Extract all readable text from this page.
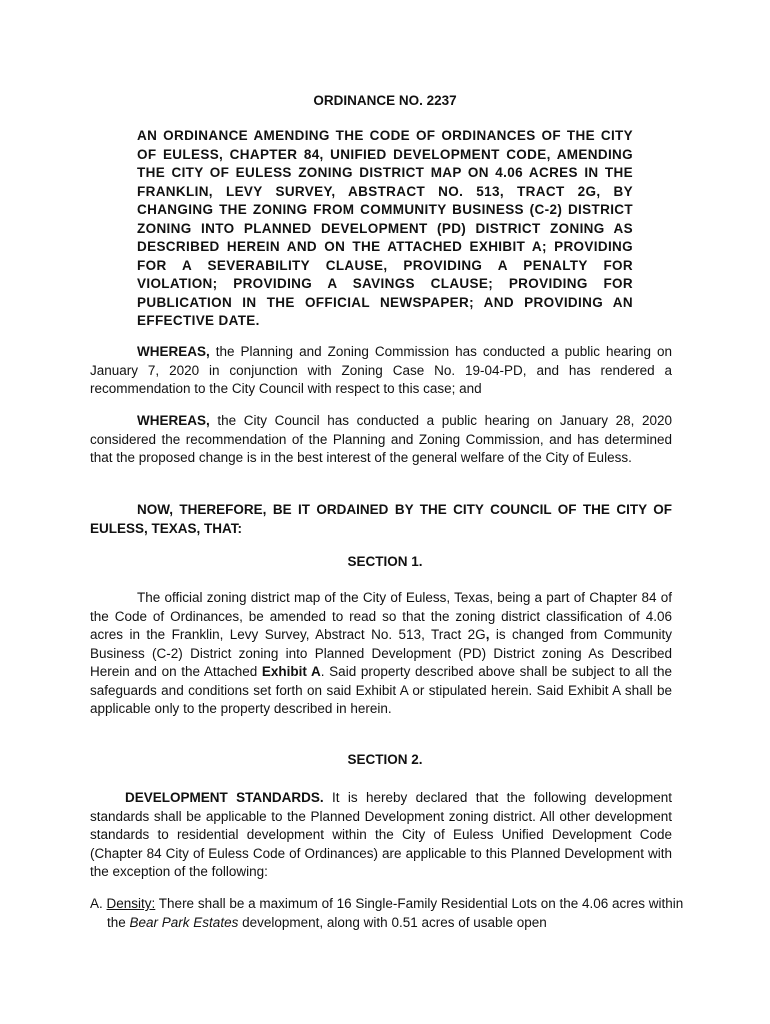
ORDINANCE NO. 2237
AN ORDINANCE AMENDING THE CODE OF ORDINANCES OF THE CITY OF EULESS, CHAPTER 84, UNIFIED DEVELOPMENT CODE, AMENDING THE CITY OF EULESS ZONING DISTRICT MAP ON 4.06 ACRES IN THE FRANKLIN, LEVY SURVEY, ABSTRACT NO. 513, TRACT 2G, BY CHANGING THE ZONING FROM COMMUNITY BUSINESS (C-2) DISTRICT ZONING INTO PLANNED DEVELOPMENT (PD) DISTRICT ZONING AS DESCRIBED HEREIN AND ON THE ATTACHED EXHIBIT A; PROVIDING FOR A SEVERABILITY CLAUSE, PROVIDING A PENALTY FOR VIOLATION; PROVIDING A SAVINGS CLAUSE; PROVIDING FOR PUBLICATION IN THE OFFICIAL NEWSPAPER; AND PROVIDING AN EFFECTIVE DATE.
WHEREAS, the Planning and Zoning Commission has conducted a public hearing on January 7, 2020 in conjunction with Zoning Case No. 19-04-PD, and has rendered a recommendation to the City Council with respect to this case; and
WHEREAS, the City Council has conducted a public hearing on January 28, 2020 considered the recommendation of the Planning and Zoning Commission, and has determined that the proposed change is in the best interest of the general welfare of the City of Euless.
NOW, THEREFORE, BE IT ORDAINED BY THE CITY COUNCIL OF THE CITY OF EULESS, TEXAS, THAT:
SECTION 1.
The official zoning district map of the City of Euless, Texas, being a part of Chapter 84 of the Code of Ordinances, be amended to read so that the zoning district classification of 4.06 acres in the Franklin, Levy Survey, Abstract No. 513, Tract 2G, is changed from Community Business (C-2) District zoning into Planned Development (PD) District zoning As Described Herein and on the Attached Exhibit A. Said property described above shall be subject to all the safeguards and conditions set forth on said Exhibit A or stipulated herein. Said Exhibit A shall be applicable only to the property described in herein.
SECTION 2.
DEVELOPMENT STANDARDS. It is hereby declared that the following development standards shall be applicable to the Planned Development zoning district. All other development standards to residential development within the City of Euless Unified Development Code (Chapter 84 City of Euless Code of Ordinances) are applicable to this Planned Development with the exception of the following:
A. Density: There shall be a maximum of 16 Single-Family Residential Lots on the 4.06 acres within the Bear Park Estates development, along with 0.51 acres of usable open
